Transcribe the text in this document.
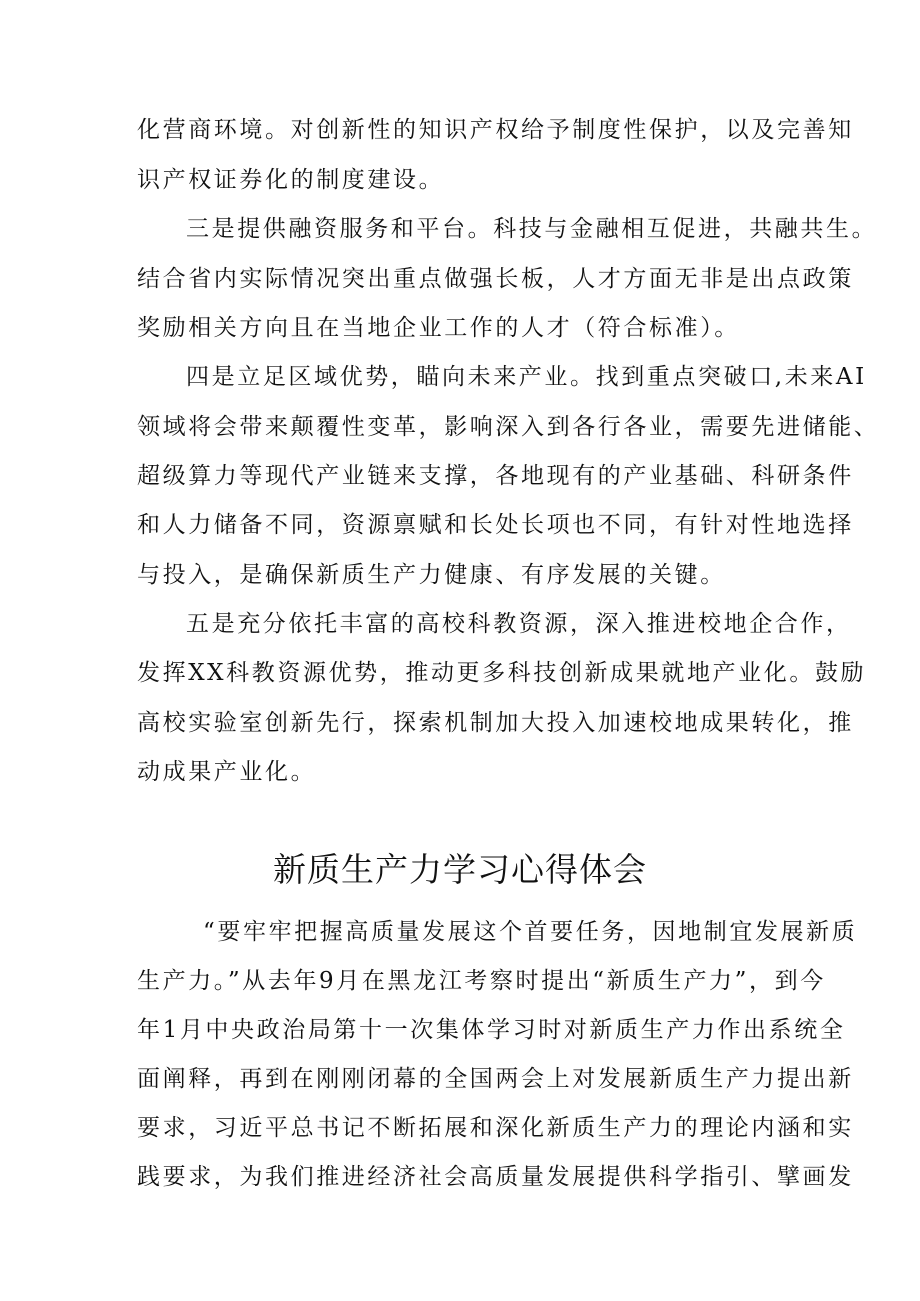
化营商环境。对创新性的知识产权给予制度性保护，以及完善知
识产权证券化的制度建设。
三是提供融资服务和平台。科技与金融相互促进，共融共生。
结合省内实际情况突出重点做强长板，人才方面无非是出点政策
奖励相关方向且在当地企业工作的人才（符合标准）。
四是立足区域优势，瞄向未来产业。找到重点突破口,未来AI
领域将会带来颠覆性变革，影响深入到各行各业，需要先进储能、
超级算力等现代产业链来支撑，各地现有的产业基础、科研条件
和人力储备不同，资源禀赋和长处长项也不同，有针对性地选择
与投入，是确保新质生产力健康、有序发展的关键。
五是充分依托丰富的高校科教资源，深入推进校地企合作，
发挥XX科教资源优势，推动更多科技创新成果就地产业化。鼓励
高校实验室创新先行，探索机制加大投入加速校地成果转化，推
动成果产业化。
新质生产力学习心得体会
“要牢牢把握高质量发展这个首要任务，因地制宜发展新质
生产力。”从去年9月在黑龙江考察时提出“新质生产力”，到今
年1月中央政治局第十一次集体学习时对新质生产力作出系统全
面阐释，再到在刚刚闭幕的全国两会上对发展新质生产力提出新
要求，习近平总书记不断拓展和深化新质生产力的理论内涵和实
践要求，为我们推进经济社会高质量发展提供科学指引、擘画发
